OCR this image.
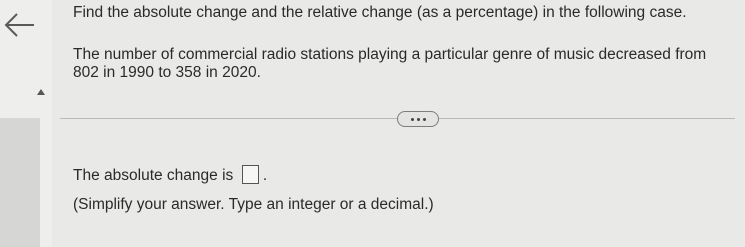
Find the absolute change and the relative change (as a percentage) in the following case.
The number of commercial radio stations playing a particular genre of music decreased from
802 in 1990 to 358 in 2020.
The absolute change is .
(Simplify your answer. Type an integer or a decimal.)
